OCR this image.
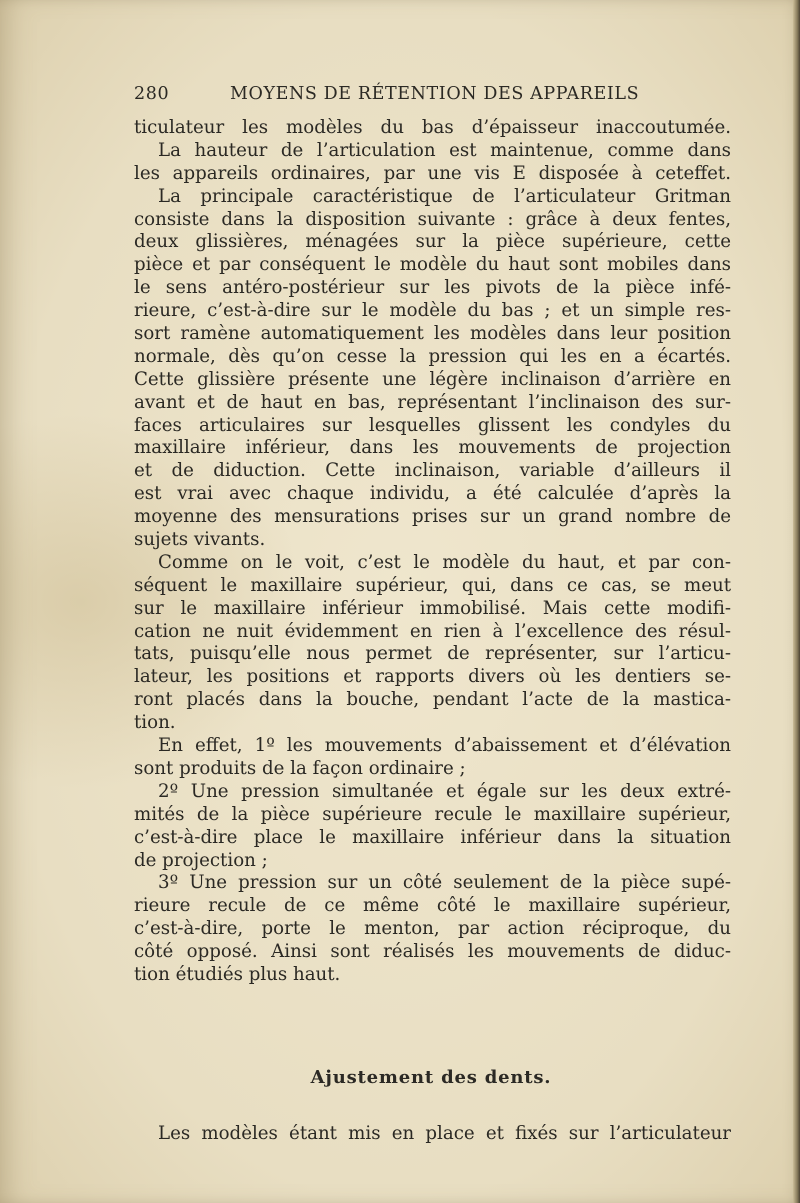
280	MOYENS DE RÉTENTION DES APPAREILS
ticulateur les modèles du bas d’épaisseur inaccoutumée.
La hauteur de l’articulation est maintenue, comme dans
les appareils ordinaires, par une vis E disposée à ceteffet.
La principale caractéristique de l’articulateur Gritman
consiste dans la disposition suivante : grâce à deux fentes,
deux glissières, ménagées sur la pièce supérieure, cette
pièce et par conséquent le modèle du haut sont mobiles dans
le sens antéro-postérieur sur les pivots de la pièce infé-
rieure, c’est-à-dire sur le modèle du bas ; et un simple res-
sort ramène automatiquement les modèles dans leur position
normale, dès qu’on cesse la pression qui les en a écartés.
Cette glissière présente une légère inclinaison d’arrière en
avant et de haut en bas, représentant l’inclinaison des sur-
faces articulaires sur lesquelles glissent les condyles du
maxillaire inférieur, dans les mouvements de projection
et de diduction. Cette inclinaison, variable d’ailleurs il
est vrai avec chaque individu, a été calculée d’après la
moyenne des mensurations prises sur un grand nombre de
sujets vivants.
Comme on le voit, c’est le modèle du haut, et par con-
séquent le maxillaire supérieur, qui, dans ce cas, se meut
sur le maxillaire inférieur immobilisé. Mais cette modifi-
cation ne nuit évidemment en rien à l’excellence des résul-
tats, puisqu’elle nous permet de représenter, sur l’articu-
lateur, les positions et rapports divers où les dentiers se-
ront placés dans la bouche, pendant l’acte de la mastica-
tion.
En effet, 1º les mouvements d’abaissement et d’élévation
sont produits de la façon ordinaire ;
2º Une pression simultanée et égale sur les deux extré-
mités de la pièce supérieure recule le maxillaire supérieur,
c’est-à-dire place le maxillaire inférieur dans la situation
de projection ;
3º Une pression sur un côté seulement de la pièce supé-
rieure recule de ce même côté le maxillaire supérieur,
c’est-à-dire, porte le menton, par action réciproque, du
côté opposé. Ainsi sont réalisés les mouvements de diduc-
tion étudiés plus haut.
Ajustement des dents.
Les modèles étant mis en place et fixés sur l’articulateur
